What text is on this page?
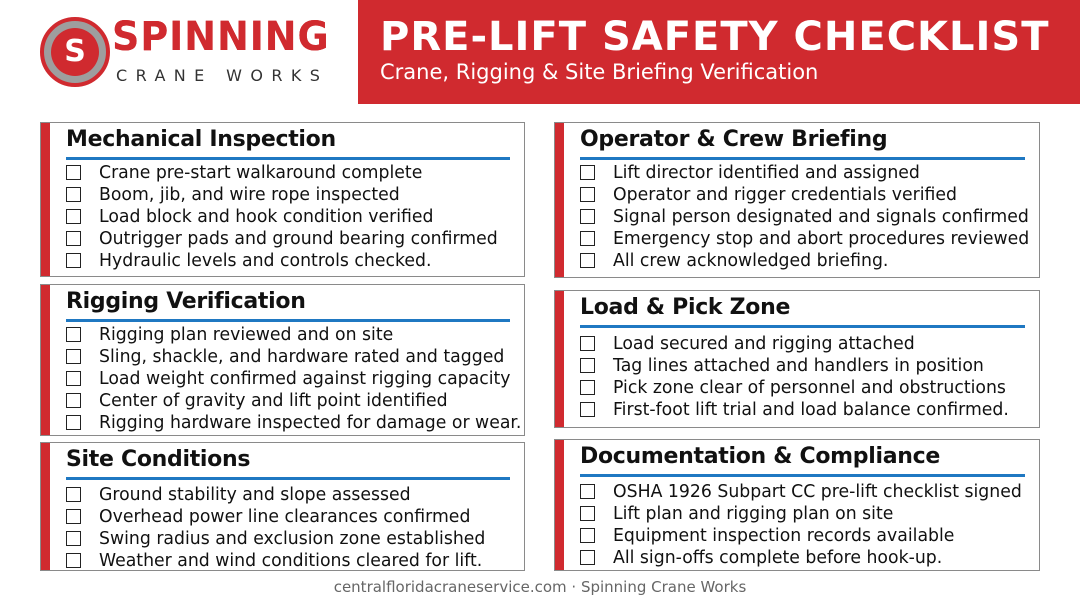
S SPINNING
CRANE WORKS
PRE-LIFT SAFETY CHECKLIST
Crane, Rigging & Site Briefing Verification
Mechanical Inspection
Crane pre-start walkaround complete
Boom, jib, and wire rope inspected
Load block and hook condition verified
Outrigger pads and ground bearing confirmed
Hydraulic levels and controls checked.
Rigging Verification
Rigging plan reviewed and on site
Sling, shackle, and hardware rated and tagged
Load weight confirmed against rigging capacity
Center of gravity and lift point identified
Rigging hardware inspected for damage or wear.
Site Conditions
Ground stability and slope assessed
Overhead power line clearances confirmed
Swing radius and exclusion zone established
Weather and wind conditions cleared for lift.
Operator & Crew Briefing
Lift director identified and assigned
Operator and rigger credentials verified
Signal person designated and signals confirmed
Emergency stop and abort procedures reviewed
All crew acknowledged briefing.
Load & Pick Zone
Load secured and rigging attached
Tag lines attached and handlers in position
Pick zone clear of personnel and obstructions
First-foot lift trial and load balance confirmed.
Documentation & Compliance
OSHA 1926 Subpart CC pre-lift checklist signed
Lift plan and rigging plan on site
Equipment inspection records available
All sign-offs complete before hook-up.
centralfloridacraneservice.com · Spinning Crane Works
